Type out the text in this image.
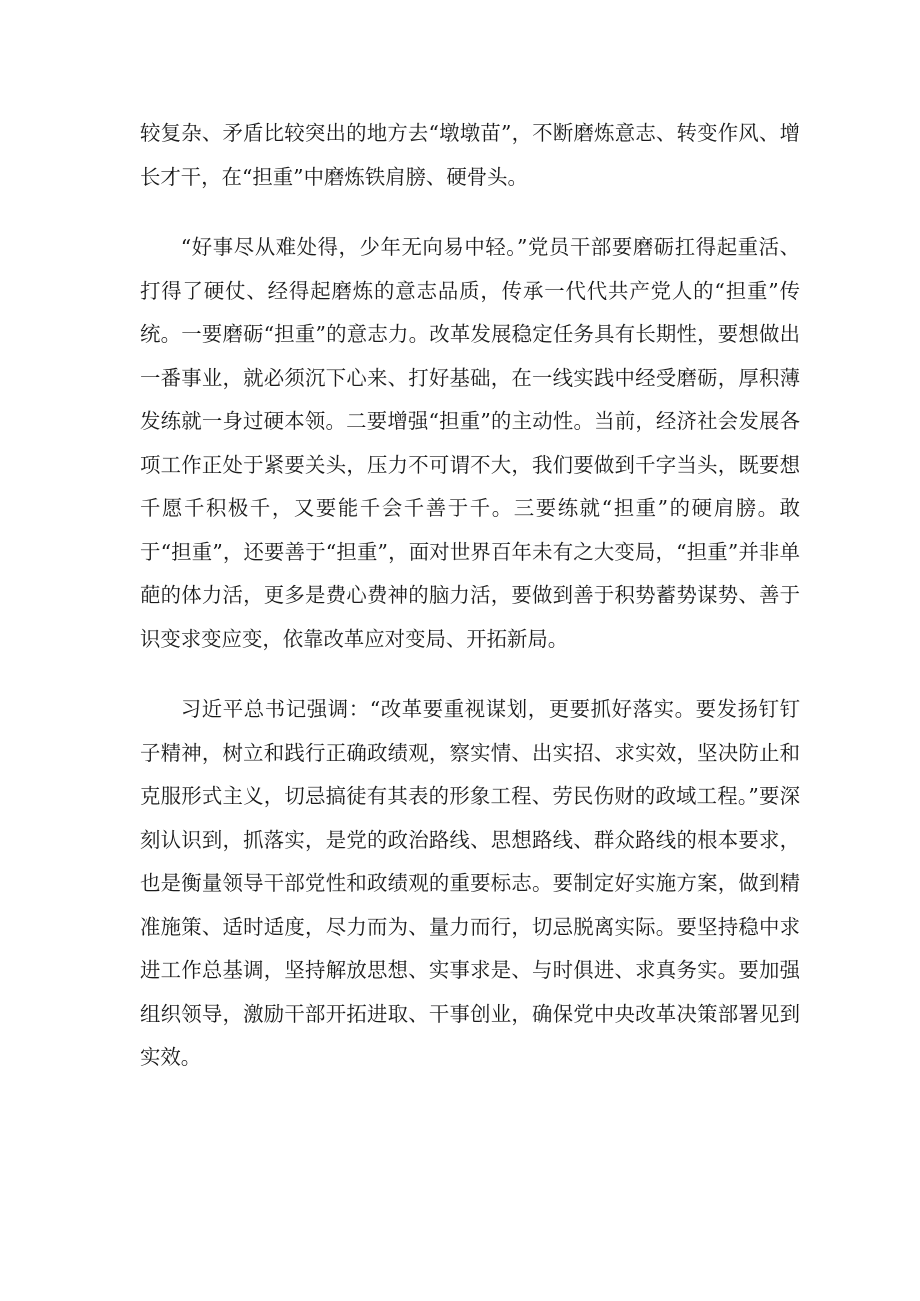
较复杂、矛盾比较突出的地方去“墩墩苗”，不断磨炼意志、转变作风、增长才干，在“担重”中磨炼铁肩膀、硬骨头。

“好事尽从难处得，少年无向易中轻。”党员干部要磨砺扛得起重活、打得了硬仗、经得起磨炼的意志品质，传承一代代共产党人的“担重”传统。一要磨砺“担重”的意志力。改革发展稳定任务具有长期性，要想做出一番事业，就必须沉下心来、打好基础，在一线实践中经受磨砺，厚积薄发练就一身过硬本领。二要增强“担重”的主动性。当前，经济社会发展各项工作正处于紧要关头，压力不可谓不大，我们要做到千字当头，既要想千愿千积极千，又要能千会千善于千。三要练就“担重”的硬肩膀。敢于“担重”，还要善于“担重”，面对世界百年未有之大变局，“担重”并非单葩的体力活，更多是费心费神的脑力活，要做到善于积势蓄势谋势、善于识变求变应变，依靠改革应对变局、开拓新局。

习近平总书记强调：“改革要重视谋划，更要抓好落实。要发扬钉钉子精神，树立和践行正确政绩观，察实情、出实招、求实效，坚决防止和克服形式主义，切忌搞徒有其表的形象工程、劳民伤财的政域工程。”要深刻认识到，抓落实，是党的政治路线、思想路线、群众路线的根本要求，也是衡量领导干部党性和政绩观的重要标志。要制定好实施方案，做到精准施策、适时适度，尽力而为、量力而行，切忌脱离实际。要坚持稳中求进工作总基调，坚持解放思想、实事求是、与时俱进、求真务实。要加强组织领导，激励干部开拓进取、干事创业，确保党中央改革决策部署见到实效。
